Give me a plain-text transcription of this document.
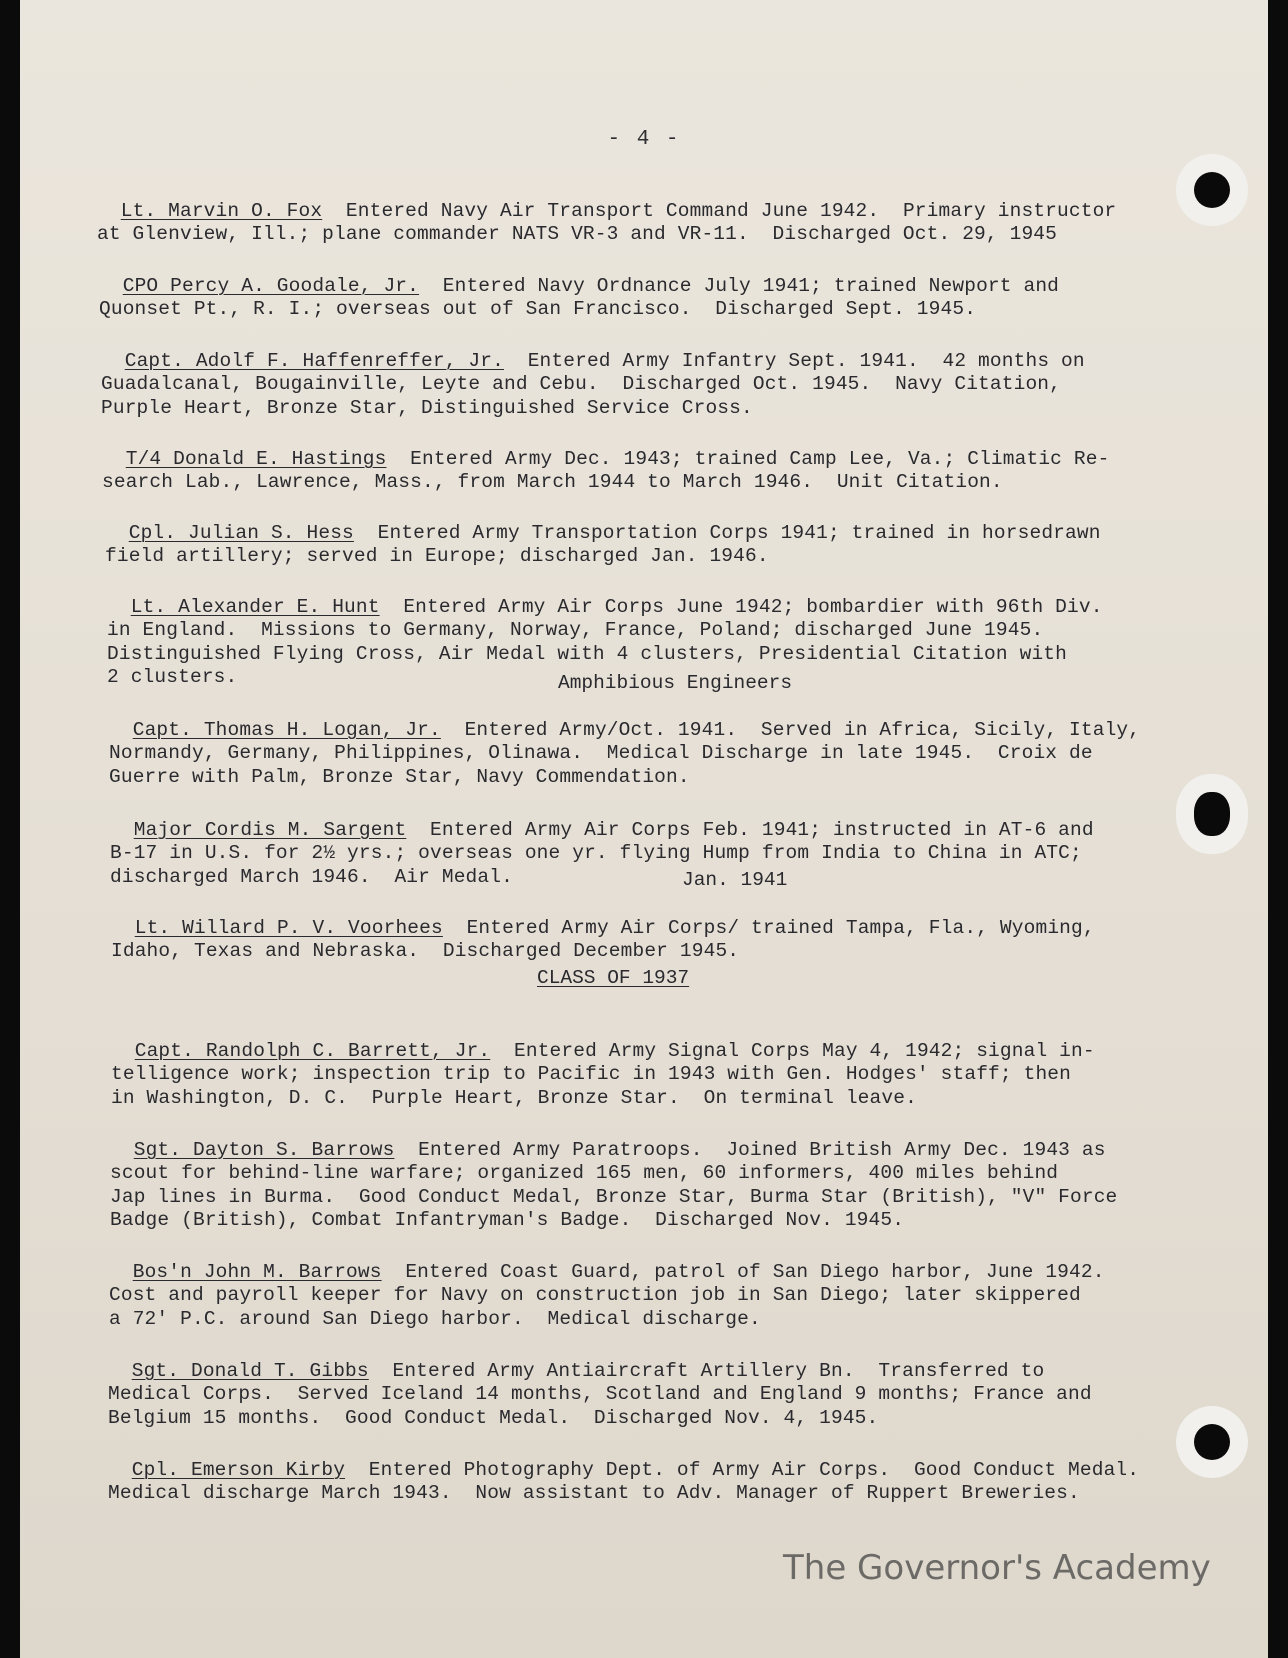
- 4 -

Lt. Marvin O. Fox  Entered Navy Air Transport Command June 1942.  Primary instructor
at Glenview, Ill.; plane commander NATS VR-3 and VR-11.  Discharged Oct. 29, 1945

CPO Percy A. Goodale, Jr.  Entered Navy Ordnance July 1941; trained Newport and
Quonset Pt., R. I.; overseas out of San Francisco.  Discharged Sept. 1945.

Capt. Adolf F. Haffenreffer, Jr.  Entered Army Infantry Sept. 1941.  42 months on
Guadalcanal, Bougainville, Leyte and Cebu.  Discharged Oct. 1945.  Navy Citation,
Purple Heart, Bronze Star, Distinguished Service Cross.

T/4 Donald E. Hastings  Entered Army Dec. 1943; trained Camp Lee, Va.; Climatic Re-
search Lab., Lawrence, Mass., from March 1944 to March 1946.  Unit Citation.

Cpl. Julian S. Hess  Entered Army Transportation Corps 1941; trained in horsedrawn
field artillery; served in Europe; discharged Jan. 1946.

Lt. Alexander E. Hunt  Entered Army Air Corps June 1942; bombardier with 96th Div.
in England.  Missions to Germany, Norway, France, Poland; discharged June 1945.
Distinguished Flying Cross, Air Medal with 4 clusters, Presidential Citation with
2 clusters.	Amphibious Engineers

Capt. Thomas H. Logan, Jr.  Entered Army/Oct. 1941.  Served in Africa, Sicily, Italy,
Normandy, Germany, Philippines, Olinawa.  Medical Discharge in late 1945.  Croix de
Guerre with Palm, Bronze Star, Navy Commendation.

Major Cordis M. Sargent  Entered Army Air Corps Feb. 1941; instructed in AT-6 and
B-17 in U.S. for 2½ yrs.; overseas one yr. flying Hump from India to China in ATC;
discharged March 1946.  Air Medal.	Jan. 1941

Lt. Willard P. V. Voorhees  Entered Army Air Corps/ trained Tampa, Fla., Wyoming,
Idaho, Texas and Nebraska.  Discharged December 1945.

CLASS OF 1937

Capt. Randolph C. Barrett, Jr.  Entered Army Signal Corps May 4, 1942; signal in-
telligence work; inspection trip to Pacific in 1943 with Gen. Hodges' staff; then
in Washington, D. C.  Purple Heart, Bronze Star.  On terminal leave.

Sgt. Dayton S. Barrows  Entered Army Paratroops.  Joined British Army Dec. 1943 as
scout for behind-line warfare; organized 165 men, 60 informers, 400 miles behind
Jap lines in Burma.  Good Conduct Medal, Bronze Star, Burma Star (British), "V" Force
Badge (British), Combat Infantryman's Badge.  Discharged Nov. 1945.

Bos'n John M. Barrows  Entered Coast Guard, patrol of San Diego harbor, June 1942.
Cost and payroll keeper for Navy on construction job in San Diego; later skippered
a 72' P.C. around San Diego harbor.  Medical discharge.

Sgt. Donald T. Gibbs  Entered Army Antiaircraft Artillery Bn.  Transferred to
Medical Corps.  Served Iceland 14 months, Scotland and England 9 months; France and
Belgium 15 months.  Good Conduct Medal.  Discharged Nov. 4, 1945.

Cpl. Emerson Kirby  Entered Photography Dept. of Army Air Corps.  Good Conduct Medal.
Medical discharge March 1943.  Now assistant to Adv. Manager of Ruppert Breweries.

The Governor's Academy
